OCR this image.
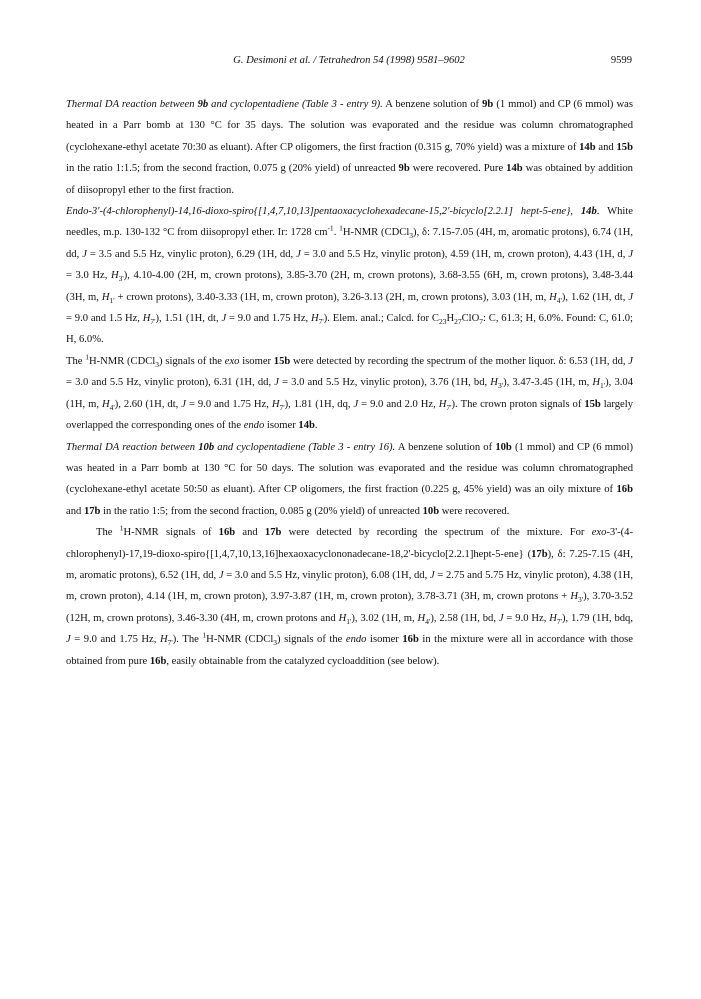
G. Desimoni et al. / Tetrahedron 54 (1998) 9581–9602	9599

Thermal DA reaction between 9b and cyclopentadiene (Table 3 - entry 9). A benzene solution of 9b (1 mmol) and CP (6 mmol) was heated in a Parr bomb at 130 °C for 35 days. The solution was evaporated and the residue was column chromatographed (cyclohexane-ethyl acetate 70:30 as eluant). After CP oligomers, the first fraction (0.315 g, 70% yield) was a mixture of 14b and 15b in the ratio 1:1.5; from the second fraction, 0.075 g (20% yield) of unreacted 9b were recovered. Pure 14b was obtained by addition of diisopropyl ether to the first fraction.

Endo-3'-(4-chlorophenyl)-14,16-dioxo-spiro{[1,4,7,10,13]pentaoxacyclohexadecane-15,2'-bicyclo[2.2.1] hept-5-ene}, 14b. White needles, m.p. 130-132 °C from diisopropyl ether. Ir: 1728 $cm^{-1}$. $^1$H-NMR (CDCl$_3$), δ: 7.15-7.05 (4H, m, aromatic protons), 6.74 (1H, dd, J = 3.5 and 5.5 Hz, vinylic proton), 6.29 (1H, dd, J = 3.0 and 5.5 Hz, vinylic proton), 4.59 (1H, m, crown proton), 4.43 (1H, d, J = 3.0 Hz, $H_{3'}$), 4.10-4.00 (2H, m, crown protons), 3.85-3.70 (2H, m, crown protons), 3.68-3.55 (6H, m, crown protons), 3.48-3.44 (3H, m, $H_{1'}$ + crown protons), 3.40-3.33 (1H, m, crown proton), 3.26-3.13 (2H, m, crown protons), 3.03 (1H, m, $H_{4'}$), 1.62 (1H, dt, J = 9.0 and 1.5 Hz, $H_{7'}$), 1.51 (1H, dt, J = 9.0 and 1.75 Hz, $H_{7'}$). Elem. anal.; Calcd. for $C_{23}H_{27}ClO_7$: C, 61.3; H, 6.0%. Found: C, 61.0; H, 6.0%.

The $^1$H-NMR (CDCl$_3$) signals of the exo isomer 15b were detected by recording the spectrum of the mother liquor. δ: 6.53 (1H, dd, J = 3.0 and 5.5 Hz, vinylic proton), 6.31 (1H, dd, J = 3.0 and 5.5 Hz, vinylic proton), 3.76 (1H, bd, $H_{3'}$), 3.47-3.45 (1H, m, $H_{1'}$), 3.04 (1H, m, $H_{4'}$), 2.60 (1H, dt, J = 9.0 and 1.75 Hz, $H_{7'}$), 1.81 (1H, dq, J = 9.0 and 2.0 Hz, $H_{7'}$). The crown proton signals of 15b largely overlapped the corresponding ones of the endo isomer 14b.

Thermal DA reaction between 10b and cyclopentadiene (Table 3 - entry 16). A benzene solution of 10b (1 mmol) and CP (6 mmol) was heated in a Parr bomb at 130 °C for 50 days. The solution was evaporated and the residue was column chromatographed (cyclohexane-ethyl acetate 50:50 as eluant). After CP oligomers, the first fraction (0.225 g, 45% yield) was an oily mixture of 16b and 17b in the ratio 1:5; from the second fraction, 0.085 g (20% yield) of unreacted 10b were recovered.

The $^1$H-NMR signals of 16b and 17b were detected by recording the spectrum of the mixture. For exo-3'-(4-chlorophenyl)-17,19-dioxo-spiro{[1,4,7,10,13,16]hexaoxacyclononadecane-18,2'-bicyclo[2.2.1]hept-5-ene} (17b), δ: 7.25-7.15 (4H, m, aromatic protons), 6.52 (1H, dd, J = 3.0 and 5.5 Hz, vinylic proton), 6.08 (1H, dd, J = 2.75 and 5.75 Hz, vinylic proton), 4.38 (1H, m, crown proton), 4.14 (1H, m, crown proton), 3.97-3.87 (1H, m, crown proton), 3.78-3.71 (3H, m, crown protons + $H_{3'}$), 3.70-3.52 (12H, m, crown protons), 3.46-3.30 (4H, m, crown protons and $H_{1'}$), 3.02 (1H, m, $H_{4'}$), 2.58 (1H, bd, J = 9.0 Hz, $H_{7'}$), 1.79 (1H, bdq, J = 9.0 and 1.75 Hz, $H_{7'}$). The $^1$H-NMR (CDCl$_3$) signals of the endo isomer 16b in the mixture were all in accordance with those obtained from pure 16b, easily obtainable from the catalyzed cycloaddition (see below).
